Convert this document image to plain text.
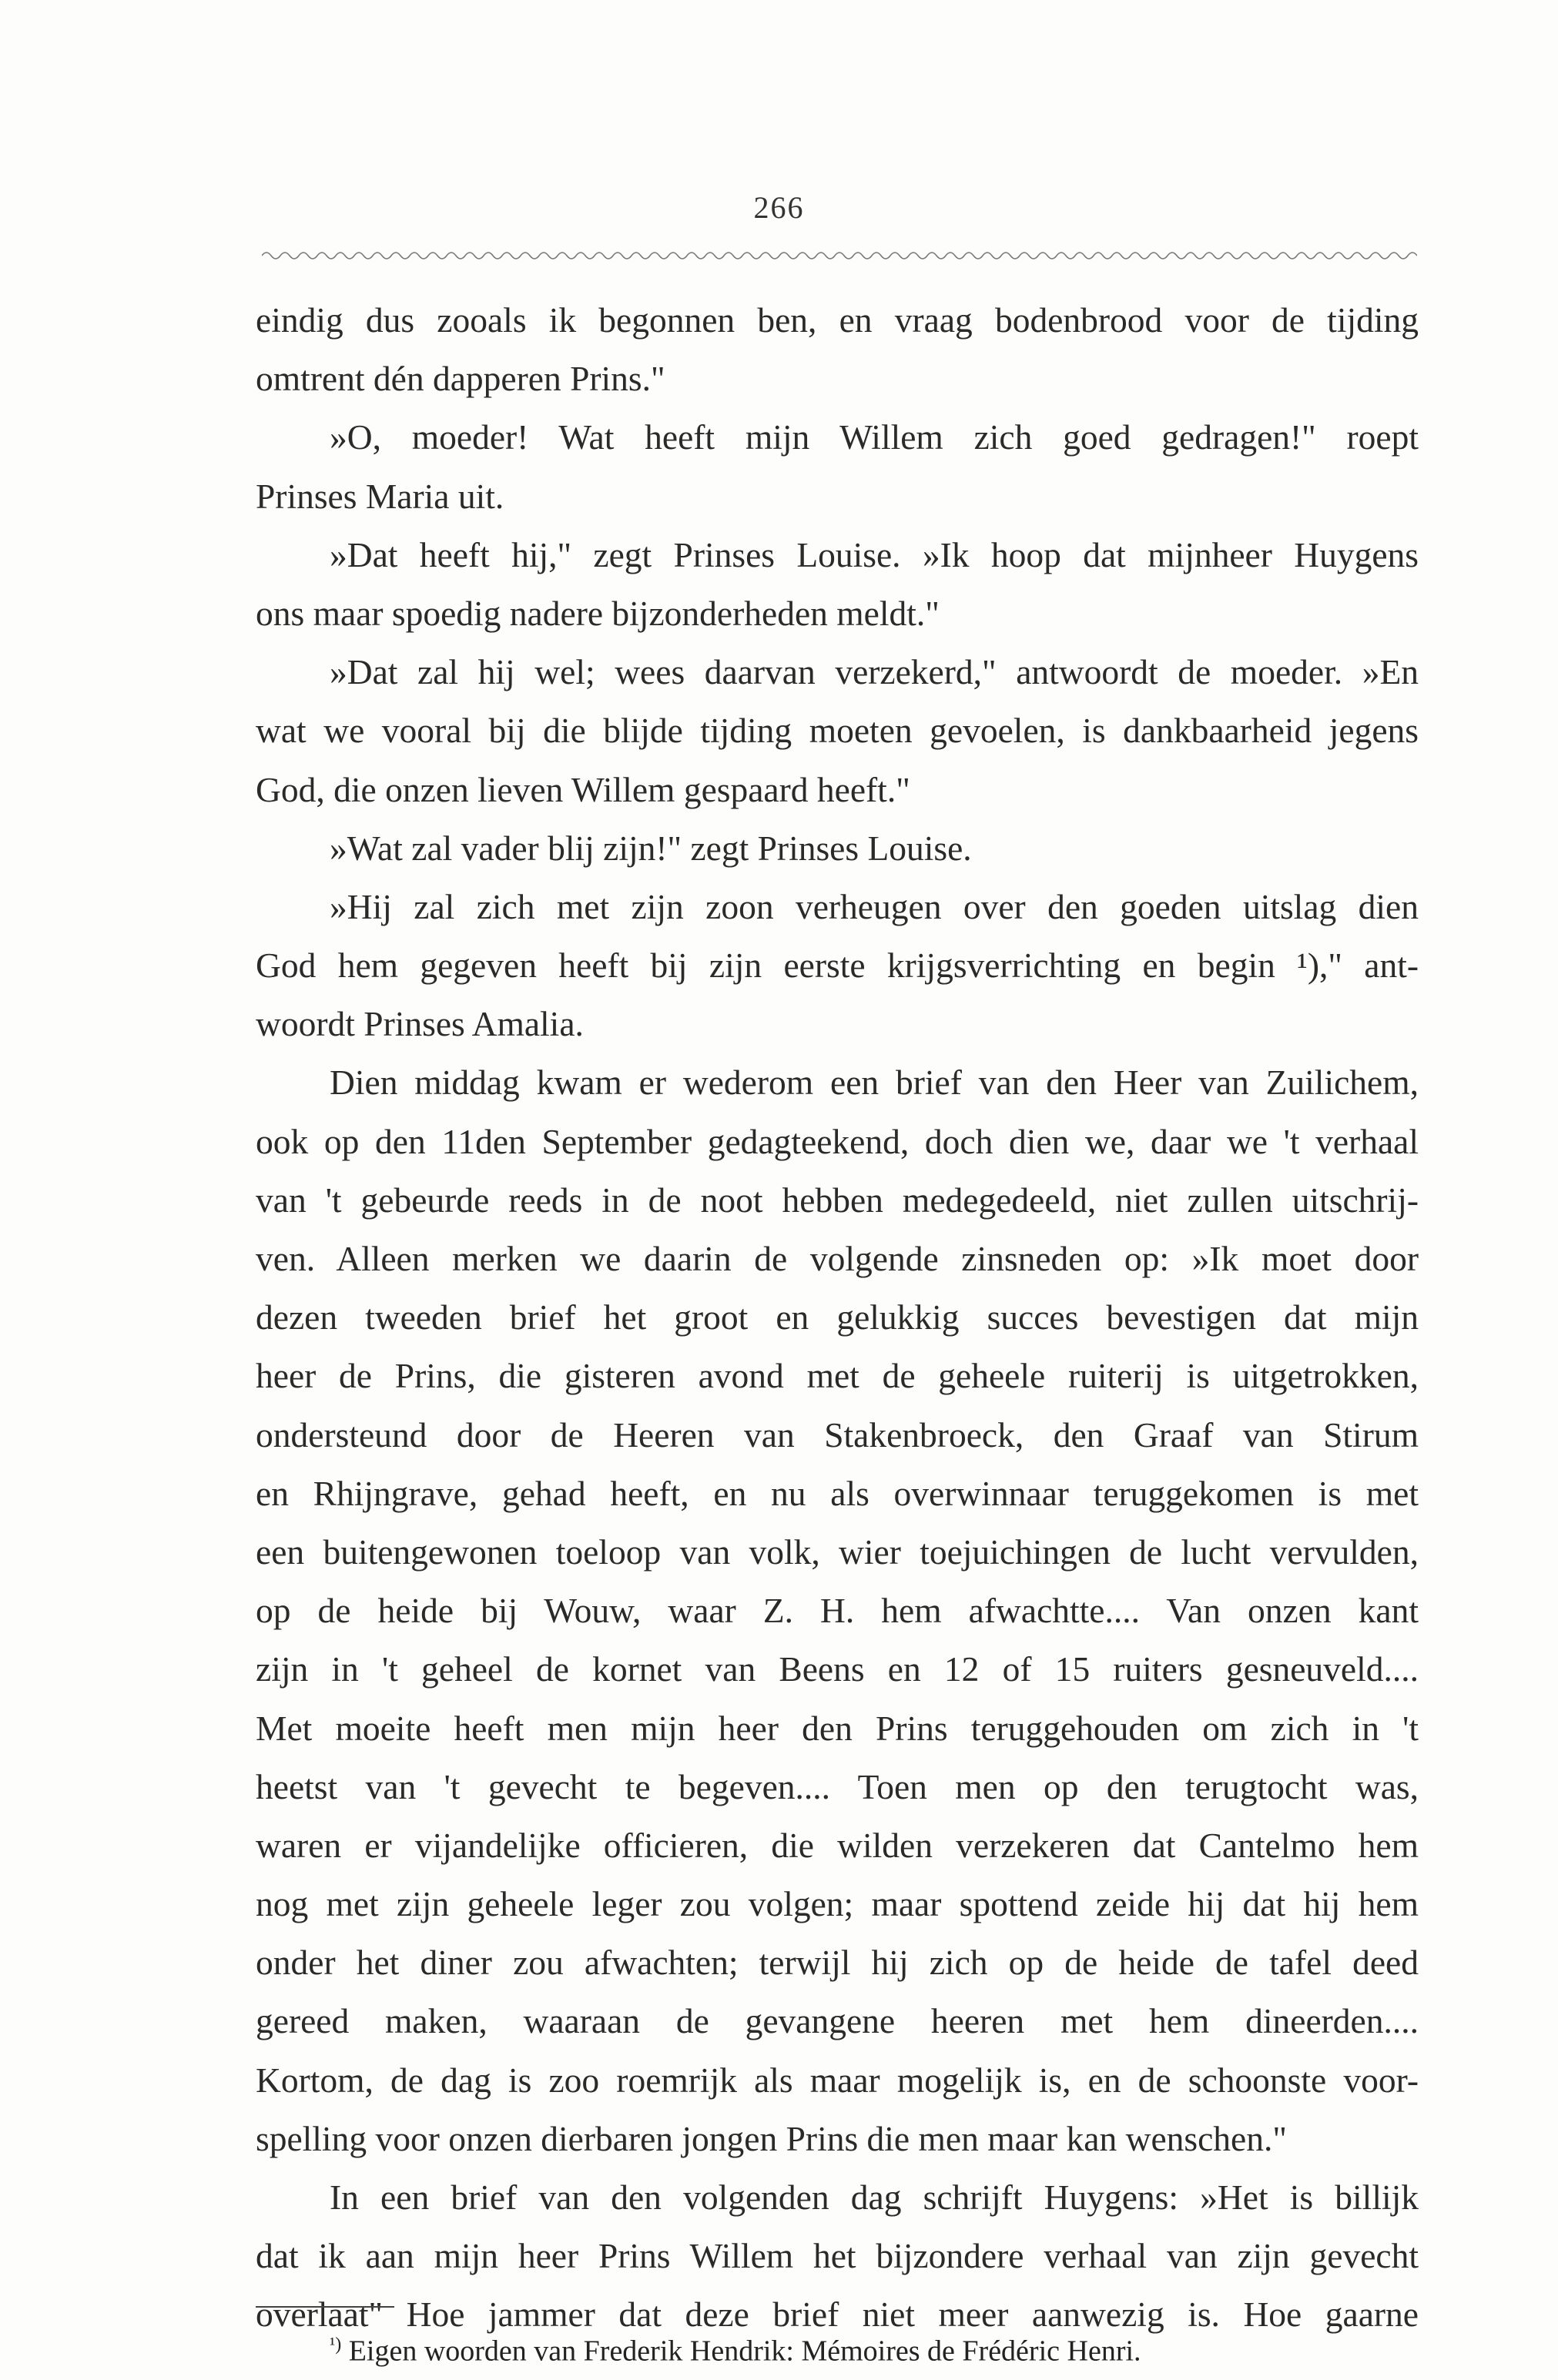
266
eindig dus zooals ik begonnen ben, en vraag bodenbrood voor de tijding
omtrent dén dapperen Prins."
»O, moeder! Wat heeft mijn Willem zich goed gedragen!" roept
Prinses Maria uit.
»Dat heeft hij," zegt Prinses Louise. »Ik hoop dat mijnheer Huygens
ons maar spoedig nadere bijzonderheden meldt."
»Dat zal hij wel; wees daarvan verzekerd," antwoordt de moeder. »En
wat we vooral bij die blijde tijding moeten gevoelen, is dankbaarheid jegens
God, die onzen lieven Willem gespaard heeft."
»Wat zal vader blij zijn!" zegt Prinses Louise.
»Hij zal zich met zijn zoon verheugen over den goeden uitslag dien
God hem gegeven heeft bij zijn eerste krijgsverrichting en begin ¹)," ant-
woordt Prinses Amalia.
Dien middag kwam er wederom een brief van den Heer van Zuilichem,
ook op den 11den September gedagteekend, doch dien we, daar we 't verhaal
van 't gebeurde reeds in de noot hebben medegedeeld, niet zullen uitschrij-
ven. Alleen merken we daarin de volgende zinsneden op: »Ik moet door
dezen tweeden brief het groot en gelukkig succes bevestigen dat mijn
heer de Prins, die gisteren avond met de geheele ruiterij is uitgetrokken,
ondersteund door de Heeren van Stakenbroeck, den Graaf van Stirum
en Rhijngrave, gehad heeft, en nu als overwinnaar teruggekomen is met
een buitengewonen toeloop van volk, wier toejuichingen de lucht vervulden,
op de heide bij Wouw, waar Z. H. hem afwachtte.... Van onzen kant
zijn in 't geheel de kornet van Beens en 12 of 15 ruiters gesneuveld....
Met moeite heeft men mijn heer den Prins teruggehouden om zich in 't
heetst van 't gevecht te begeven.... Toen men op den terugtocht was,
waren er vijandelijke officieren, die wilden verzekeren dat Cantelmo hem
nog met zijn geheele leger zou volgen; maar spottend zeide hij dat hij hem
onder het diner zou afwachten; terwijl hij zich op de heide de tafel deed
gereed maken, waaraan de gevangene heeren met hem dineerden....
Kortom, de dag is zoo roemrijk als maar mogelijk is, en de schoonste voor-
spelling voor onzen dierbaren jongen Prins die men maar kan wenschen."
In een brief van den volgenden dag schrijft Huygens: »Het is billijk
dat ik aan mijn heer Prins Willem het bijzondere verhaal van zijn gevecht
overlaat" Hoe jammer dat deze brief niet meer aanwezig is. Hoe gaarne
$^{^1)}$ Eigen woorden van Frederik Hendrik: Mémoires de Frédéric Henri.
